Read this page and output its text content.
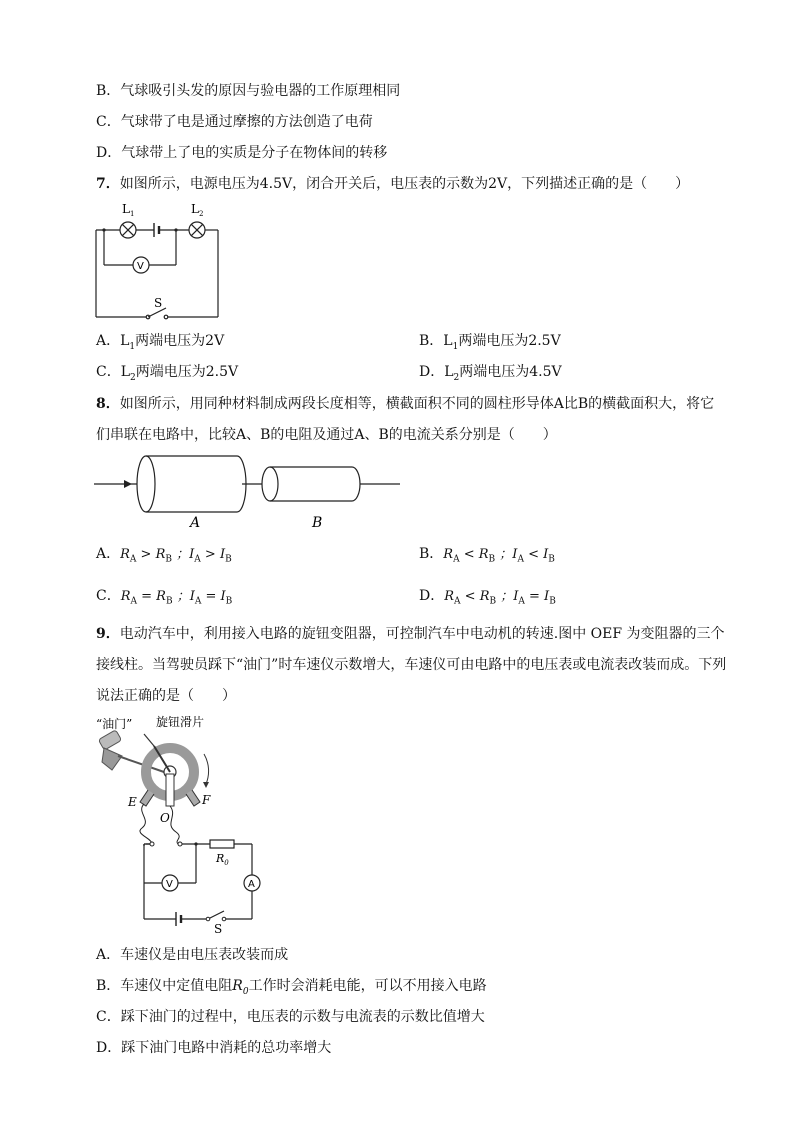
B．气球吸引头发的原因与验电器的工作原理相同
C．气球带了电是通过摩擦的方法创造了电荷
D．气球带上了电的实质是分子在物体间的转移
7．如图所示，电源电压为4.5V，闭合开关后，电压表的示数为2V，下列描述正确的是（　　）
$L_1$	$L_2$
V
S
A．$L_1$两端电压为2V	B．$L_1$两端电压为2.5V
C．$L_2$两端电压为2.5V	D．$L_2$两端电压为4.5V
8．如图所示，用同种材料制成两段长度相等，横截面积不同的圆柱形导体A比B的横截面积大，将它
们串联在电路中，比较A、B的电阻及通过A、B的电流关系分别是（　　）
A	B
A．$R_A > R_B$ ；$I_A > I_B$	B．$R_A < R_B$ ；$I_A < I_B$
C．$R_A = R_B$ ；$I_A = I_B$	D．$R_A < R_B$ ；$I_A = I_B$
9．电动汽车中，利用接入电路的旋钮变阻器，可控制汽车中电动机的转速.图中 OEF 为变阻器的三个
接线柱。当驾驶员踩下“油门”时车速仪示数增大，车速仪可由电路中的电压表或电流表改装而成。下列
说法正确的是（　　）
“油门” 旋钮滑片
E
O
F
$R_0$
V	A
S
A．车速仪是由电压表改装而成
B．车速仪中定值电阻$R_0$工作时会消耗电能，可以不用接入电路
C．踩下油门的过程中，电压表的示数与电流表的示数比值增大
D．踩下油门电路中消耗的总功率增大
